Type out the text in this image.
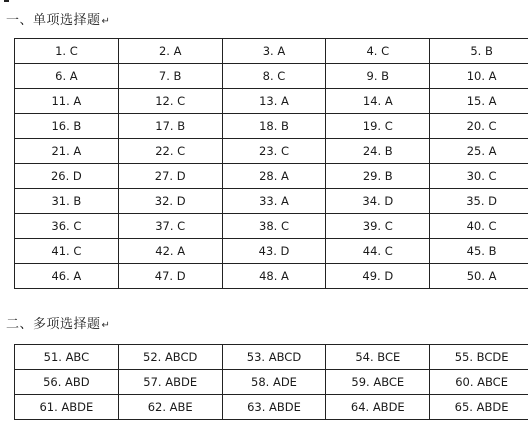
一、单项选择题↵
1. C	2. A	3. A	4. C	5. B
6. A	7. B	8. C	9. B	10. A
11. A	12. C	13. A	14. A	15. A
16. B	17. B	18. B	19. C	20. C
21. A	22. C	23. C	24. B	25. A
26. D	27. D	28. A	29. B	30. C
31. B	32. D	33. A	34. D	35. D
36. C	37. C	38. C	39. C	40. C
41. C	42. A	43. D	44. C	45. B
46. A	47. D	48. A	49. D	50. A
二、多项选择题↵
51. ABC	52. ABCD	53. ABCD	54. BCE	55. BCDE
56. ABD	57. ABDE	58. ADE	59. ABCE	60. ABCE
61. ABDE	62. ABE	63. ABDE	64. ABDE	65. ABDE
